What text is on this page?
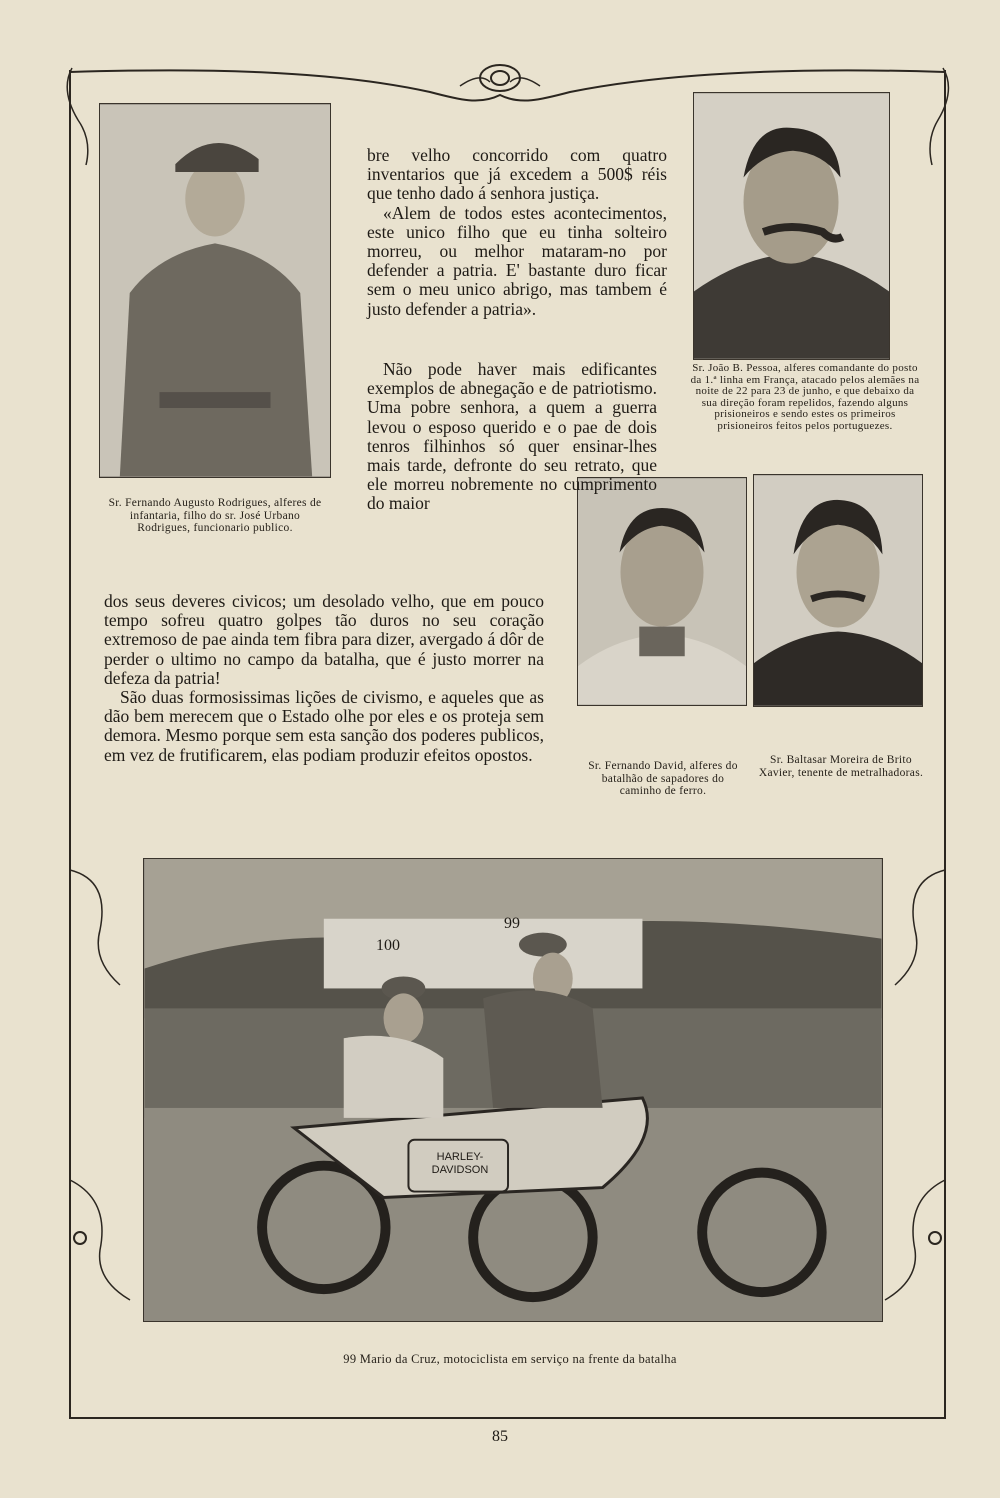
Sr. Fernando Augusto Rodrigues, alferes de infantaria, filho do sr. José Urbano Rodrigues, funcionario publico.
Sr. João B. Pessoa, alferes comandante do posto da 1.ª linha em França, atacado pelos alemães na noite de 22 para 23 de junho, e que debaixo da sua direção foram repelidos, fazendo alguns prisioneiros e sendo estes os primeiros prisioneiros feitos pelos portuguezes.
Sr. Fernando David, alferes do batalhão de sapadores do caminho de ferro.
Sr. Baltasar Moreira de Brito Xavier, tenente de metralhadoras.

bre velho concorrido com quatro inventarios que já excedem a 500$ réis que tenho dado á senhora justiça.

«Alem de todos estes acontecimentos, este unico filho que eu tinha solteiro morreu, ou melhor mataram-no por defender a patria. E' bastante duro ficar sem o meu unico abrigo, mas tambem é justo defender a patria».

Não pode haver mais edificantes exemplos de abnegação e de patriotismo. Uma pobre senhora, a quem a guerra levou o esposo querido e o pae de dois tenros filhinhos só quer ensinar-lhes mais tarde, defronte do seu retrato, que ele morreu nobremente no cumprimento do maior

dos seus deveres civicos; um desolado velho, que em pouco tempo sofreu quatro golpes tão duros no seu coração extremoso de pae ainda tem fibra para dizer, avergado á dôr de perder o ultimo no campo da batalha, que é justo morrer na defeza da patria!

São duas formosissimas lições de civismo, e aqueles que as dão bem merecem que o Estado olhe por eles e os proteja sem demora. Mesmo porque sem esta sanção dos poderes publicos, em vez de frutificarem, elas podiam produzir efeitos opostos.

100
99
HARLEY-DAVIDSON
99 Mario da Cruz, motociclista em serviço na frente da batalha
85
